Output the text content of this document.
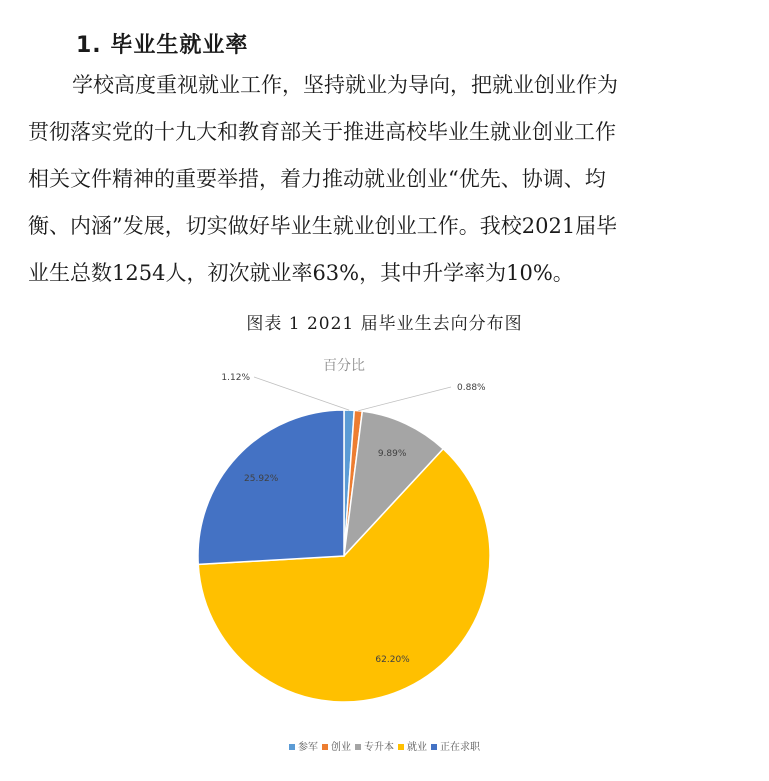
1. 毕业生就业率
学校高度重视就业工作，坚持就业为导向，把就业创业作为
贯彻落实党的十九大和教育部关于推进高校毕业生就业创业工作
相关文件精神的重要举措，着力推动就业创业“优先、协调、均
衡、内涵”发展，切实做好毕业生就业创业工作。我校2021届毕
业生总数1254人，初次就业率63%，其中升学率为10%。
图表 1 2021 届毕业生去向分布图
百分比
1.12%
0.88%
9.89%
62.20%
25.92%
参军 创业 专升本 就业 正在求职
